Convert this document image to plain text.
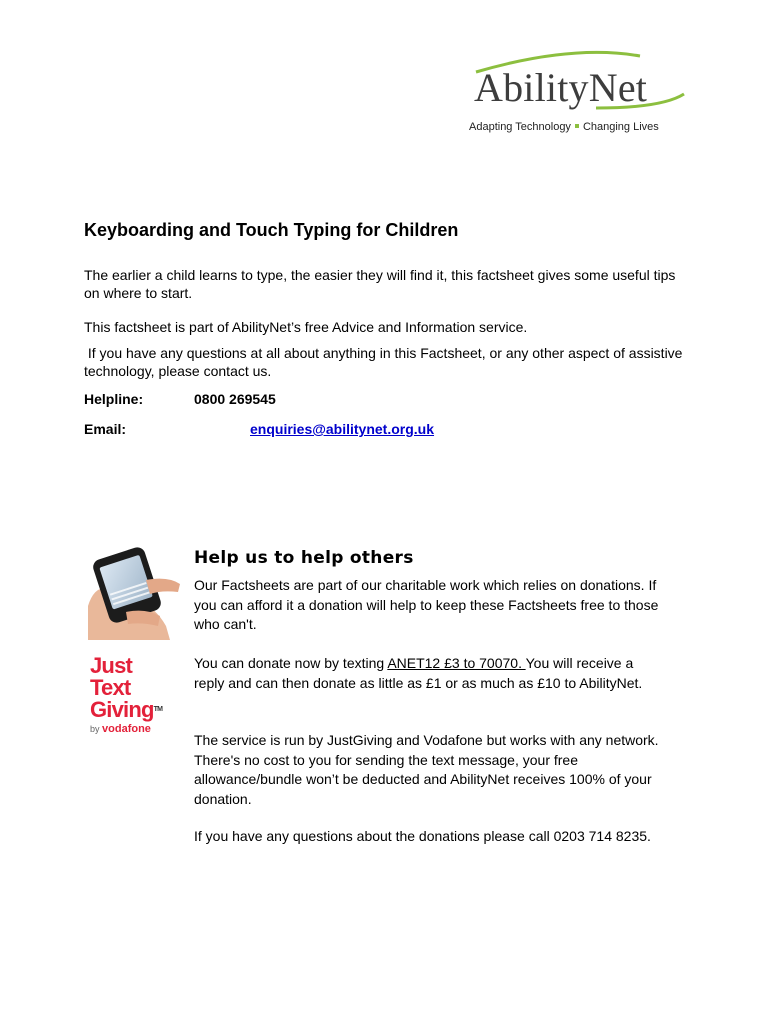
AbilityNet
Adapting Technology Changing Lives
Keyboarding and Touch Typing for Children
The earlier a child learns to type, the easier they will find it, this factsheet gives some useful tips on where to start.
This factsheet is part of AbilityNet’s free Advice and Information service.
If you have any questions at all about anything in this Factsheet, or any other aspect of assistive technology, please contact us.
Helpline:	0800 269545
Email:	enquiries@abilitynet.org.uk
Just
Text
Giving™
by vodafone
Help us to help others
Our Factsheets are part of our charitable work which relies on donations. If you can afford it a donation will help to keep these Factsheets free to those who can't.
You can donate now by texting ANET12 £3 to 70070. You will receive a reply and can then donate as little as £1 or as much as £10 to AbilityNet.
The service is run by JustGiving and Vodafone but works with any network. There's no cost to you for sending the text message, your free allowance/bundle won’t be deducted and AbilityNet receives 100% of your donation.
If you have any questions about the donations please call 0203 714 8235.
